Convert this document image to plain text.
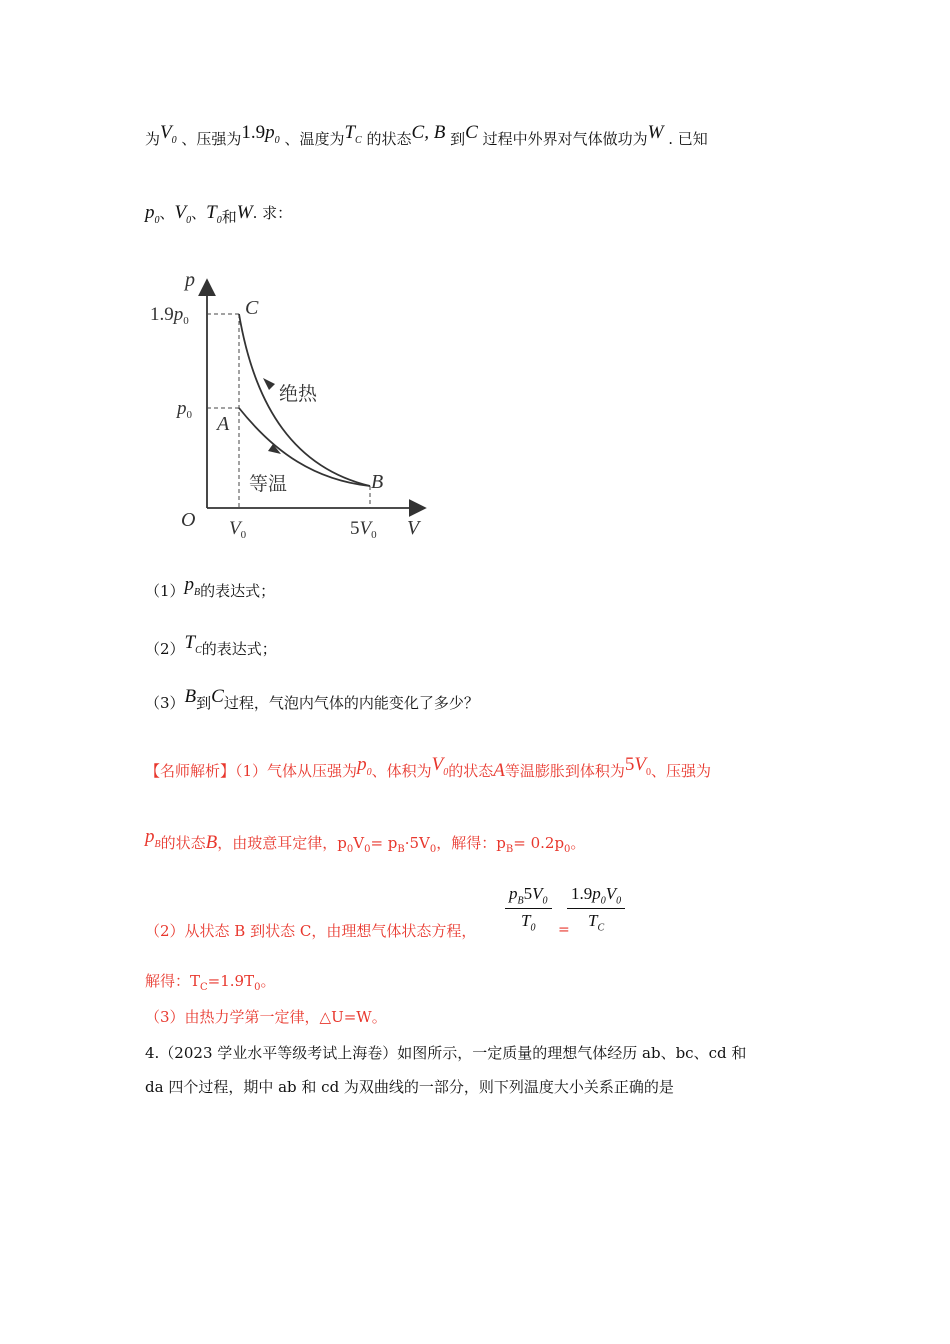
为$V_0$ 、压强为$1.9p_0$ 、温度为$T_C$ 的状态C, B 到C 过程中外界对气体做功为W . 已知
$p_0$、$V_0$、$T_0$和W. 求：
p
V
O
$1.9p_0$
$p_0$
$V_0$	$5V_0$
C
A
B
绝热
等温
$(1)p_B$的表达式；
$(2)T_C$的表达式；
（3）B到C过程，气泡内气体的内能变化了多少？
【名师解析】（1）气体从压强为$p_0$、体积为$V_0$的状态A等温膨胀到体积为$5V_0$、压强为
$p_B$的状态B，由玻意耳定律，$p_0V_0= p_B\cdot 5V_0$，解得：$p_B= 0.2p_0$。
（2）从状态 B 到状态 C，由理想气体状态方程， $\frac{p_B5V_0}{T_0}$ =
$\frac{1.9p_0V_0}{T_C}$
解得：$T_C=1.9T_0$。
（3）由热力学第一定律，△U=W。
4.（2023 学业水平等级考试上海卷）如图所示，一定质量的理想气体经历 ab、bc、cd 和
da 四个过程，期中 ab 和 cd 为双曲线的一部分，则下列温度大小关系正确的是
